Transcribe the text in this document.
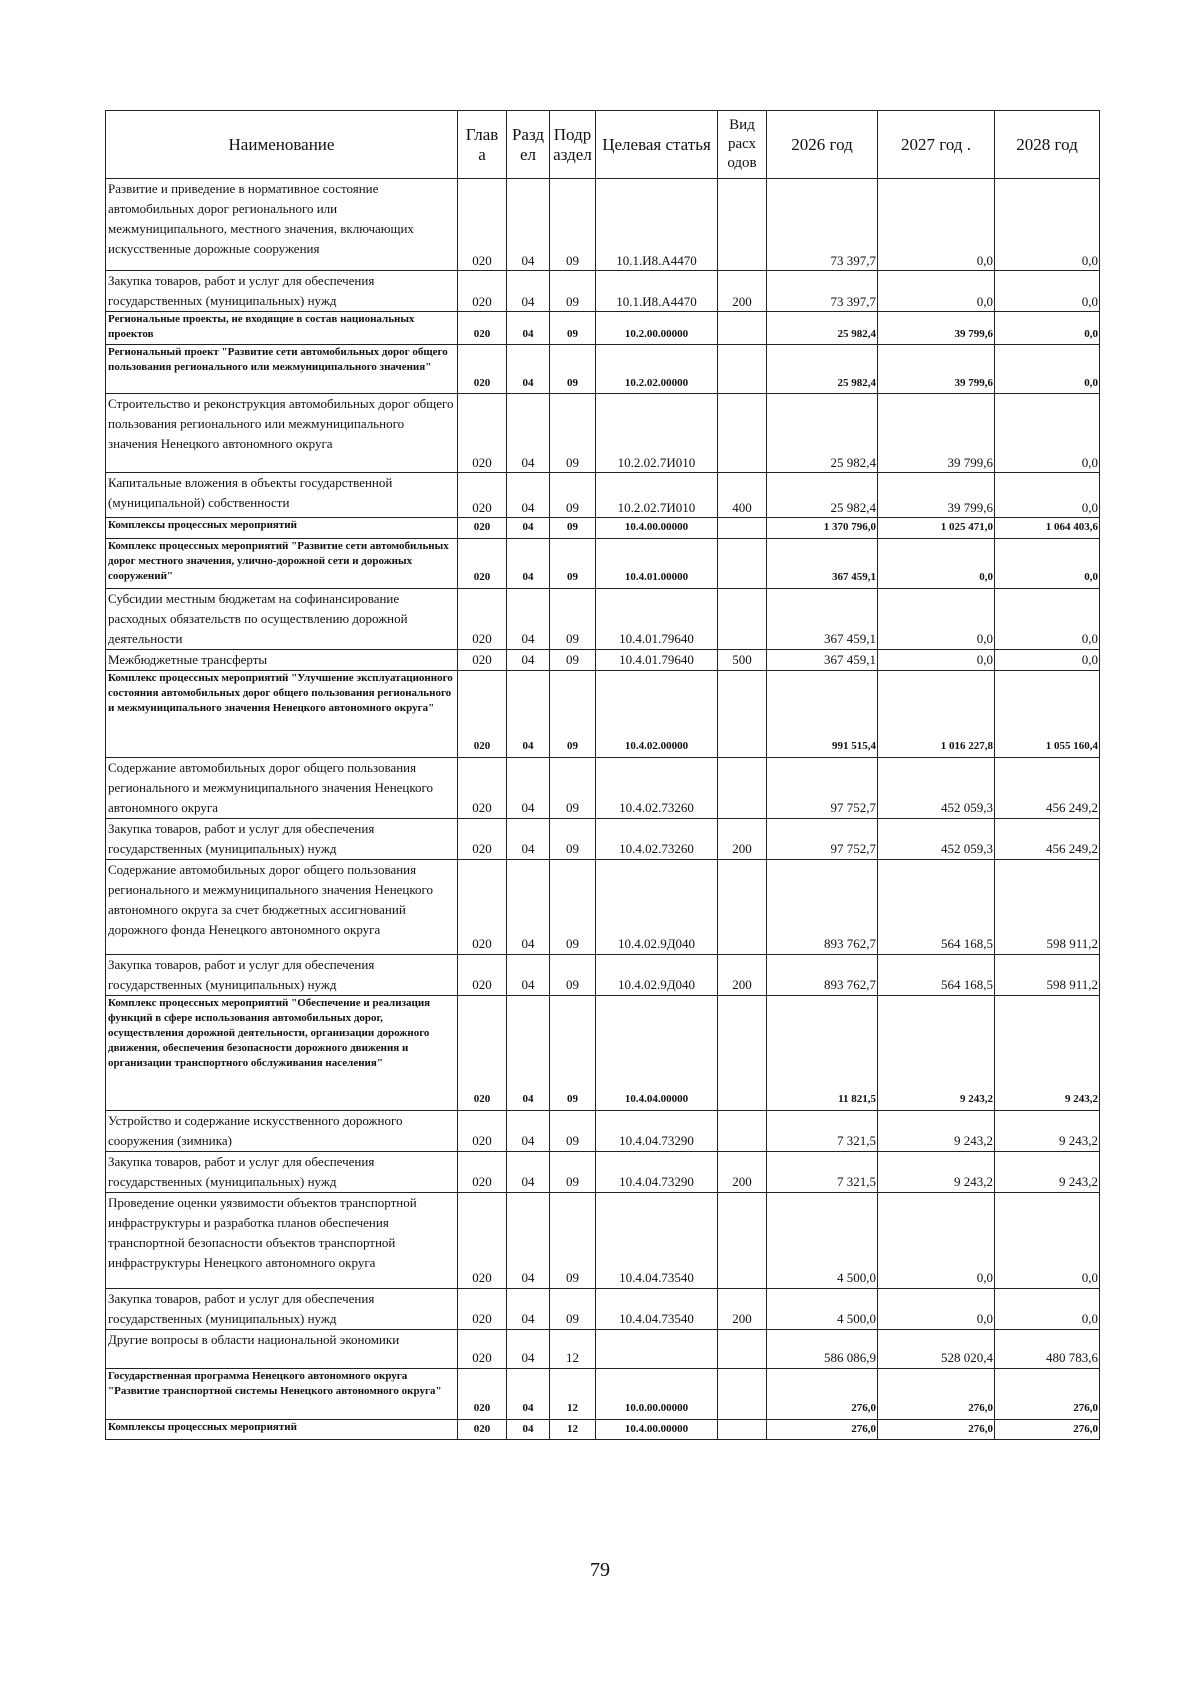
Наименование	Глав а	Разд ел	Подр аздел	Целевая статья	Вид расх одов	2026 год	2027 год .	2028 год
Развитие и приведение в нормативное состояние автомобильных дорог регионального или межмуниципального, местного значения, включающих искусственные дорожные сооружения	020	04	09	10.1.И8.А4470		73 397,7	0,0	0,0
Закупка товаров, работ и услуг для обеспечения государственных (муниципальных) нужд	020	04	09	10.1.И8.А4470	200	73 397,7	0,0	0,0
Региональные проекты, не входящие в состав национальных проектов	020	04	09	10.2.00.00000		25 982,4	39 799,6	0,0
Региональный проект "Развитие сети автомобильных дорог общего пользования регионального или межмуниципального значения"	020	04	09	10.2.02.00000		25 982,4	39 799,6	0,0
Строительство и реконструкция автомобильных дорог общего пользования регионального или межмуниципального значения Ненецкого автономного округа	020	04	09	10.2.02.7И010		25 982,4	39 799,6	0,0
Капитальные вложения в объекты государственной (муниципальной) собственности	020	04	09	10.2.02.7И010	400	25 982,4	39 799,6	0,0
Комплексы процессных мероприятий	020	04	09	10.4.00.00000		1 370 796,0	1 025 471,0	1 064 403,6
Комплекс процессных мероприятий "Развитие сети автомобильных дорог местного значения, улично-дорожной сети и дорожных сооружений"	020	04	09	10.4.01.00000		367 459,1	0,0	0,0
Субсидии местным бюджетам на софинансирование расходных обязательств по осуществлению дорожной деятельности	020	04	09	10.4.01.79640		367 459,1	0,0	0,0
Межбюджетные трансферты	020	04	09	10.4.01.79640	500	367 459,1	0,0	0,0
Комплекс процессных мероприятий "Улучшение эксплуатационного состояния автомобильных дорог общего пользования регионального и межмуниципального значения Ненецкого автономного округа"	020	04	09	10.4.02.00000		991 515,4	1 016 227,8	1 055 160,4
Содержание автомобильных дорог общего пользования регионального и межмуниципального значения Ненецкого автономного округа	020	04	09	10.4.02.73260		97 752,7	452 059,3	456 249,2
Закупка товаров, работ и услуг для обеспечения государственных (муниципальных) нужд	020	04	09	10.4.02.73260	200	97 752,7	452 059,3	456 249,2
Содержание автомобильных дорог общего пользования регионального и межмуниципального значения Ненецкого автономного округа за счет бюджетных ассигнований дорожного фонда Ненецкого автономного округа	020	04	09	10.4.02.9Д040		893 762,7	564 168,5	598 911,2
Закупка товаров, работ и услуг для обеспечения государственных (муниципальных) нужд	020	04	09	10.4.02.9Д040	200	893 762,7	564 168,5	598 911,2
Комплекс процессных мероприятий "Обеспечение и реализация функций в сфере использования автомобильных дорог, осуществления дорожной деятельности, организации дорожного движения, обеспечения безопасности дорожного движения и организации транспортного обслуживания населения"	020	04	09	10.4.04.00000		11 821,5	9 243,2	9 243,2
Устройство и содержание искусственного дорожного сооружения (зимника)	020	04	09	10.4.04.73290		7 321,5	9 243,2	9 243,2
Закупка товаров, работ и услуг для обеспечения государственных (муниципальных) нужд	020	04	09	10.4.04.73290	200	7 321,5	9 243,2	9 243,2
Проведение оценки уязвимости объектов транспортной инфраструктуры и разработка планов обеспечения транспортной безопасности объектов транспортной инфраструктуры Ненецкого автономного округа	020	04	09	10.4.04.73540		4 500,0	0,0	0,0
Закупка товаров, работ и услуг для обеспечения государственных (муниципальных) нужд	020	04	09	10.4.04.73540	200	4 500,0	0,0	0,0
Другие вопросы в области национальной экономики	020	04	12			586 086,9	528 020,4	480 783,6
Государственная программа Ненецкого автономного округа "Развитие транспортной системы Ненецкого автономного округа"	020	04	12	10.0.00.00000		276,0	276,0	276,0
Комплексы процессных мероприятий	020	04	12	10.4.00.00000		276,0	276,0	276,0
79
